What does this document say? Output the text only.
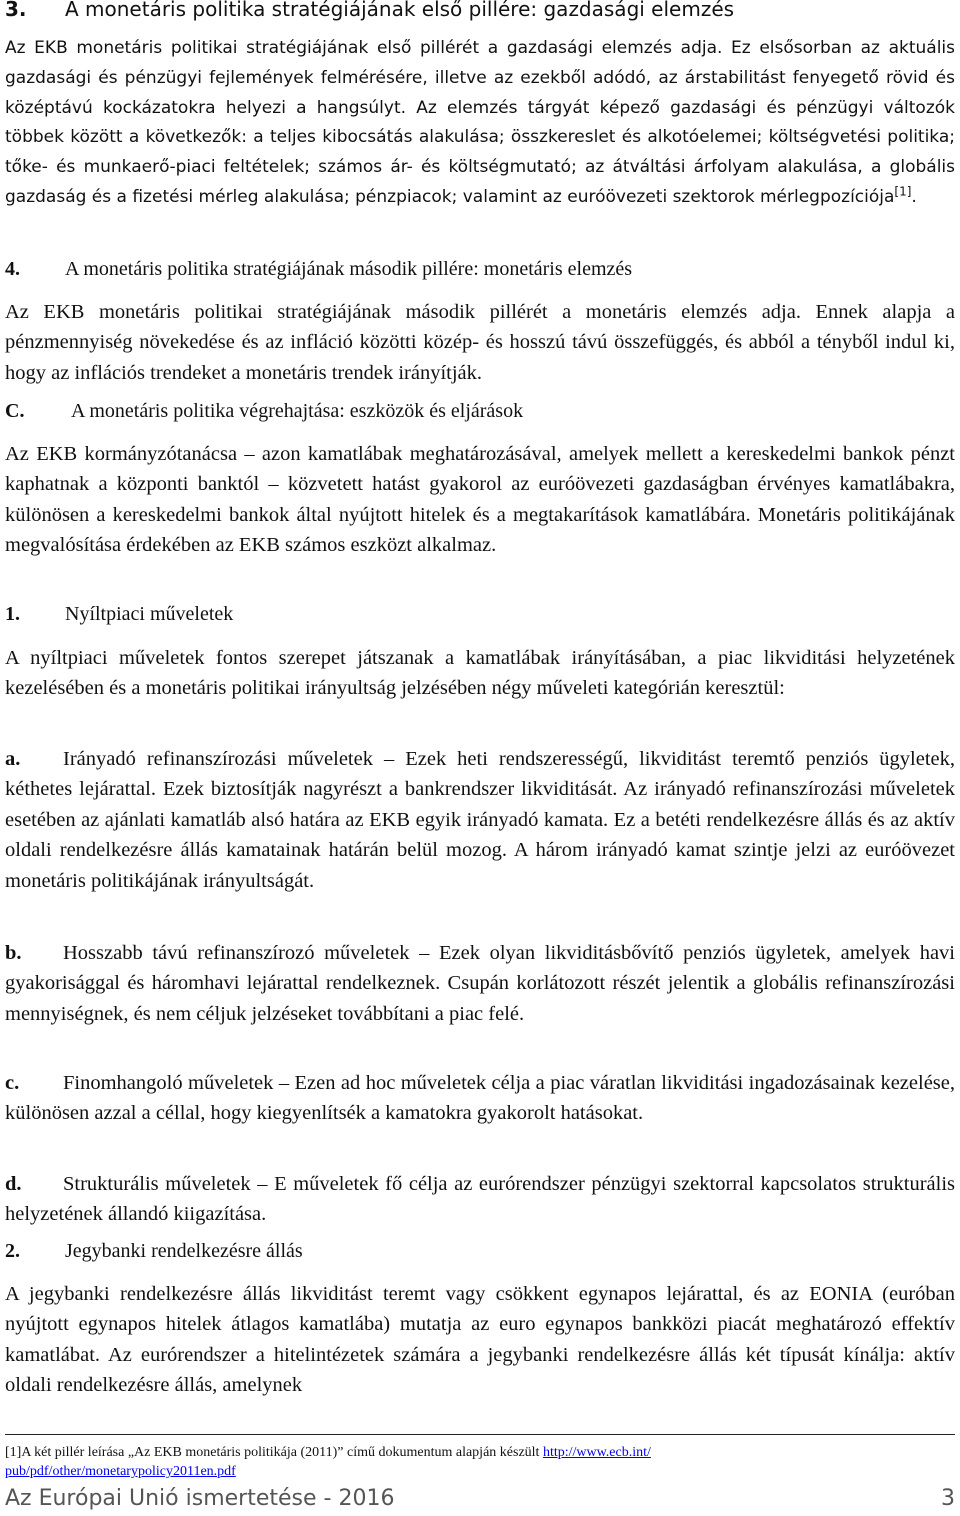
3. A monetáris politika stratégiájának első pillére: gazdasági elemzés
Az EKB monetáris politikai stratégiájának első pillérét a gazdasági elemzés adja. Ez elsősorban az aktuális gazdasági és pénzügyi fejlemények felmérésére, illetve az ezekből adódó, az árstabilitást fenyegető rövid és középtávú kockázatokra helyezi a hangsúlyt. Az elemzés tárgyát képező gazdasági és pénzügyi változók többek között a következők: a teljes kibocsátás alakulása; összkereslet és alkotóelemei; költségvetési politika; tőke- és munkaerő-piaci feltételek; számos ár- és költségmutató; az átváltási árfolyam alakulása, a globális gazdaság és a fizetési mérleg alakulása; pénzpiacok; valamint az euróövezeti szektorok mérlegpozíciója[1].
4. A monetáris politika stratégiájának második pillére: monetáris elemzés
Az EKB monetáris politikai stratégiájának második pillérét a monetáris elemzés adja. Ennek alapja a pénzmennyiség növekedése és az infláció közötti közép- és hosszú távú összefüggés, és abból a tényből indul ki, hogy az inflációs trendeket a monetáris trendek irányítják.
C. A monetáris politika végrehajtása: eszközök és eljárások
Az EKB kormányzótanácsa – azon kamatlábak meghatározásával, amelyek mellett a kereskedelmi bankok pénzt kaphatnak a központi banktól – közvetett hatást gyakorol az euróövezeti gazdaságban érvényes kamatlábakra, különösen a kereskedelmi bankok által nyújtott hitelek és a megtakarítások kamatlábára. Monetáris politikájának megvalósítása érdekében az EKB számos eszközt alkalmaz.
1. Nyíltpiaci műveletek
A nyíltpiaci műveletek fontos szerepet játszanak a kamatlábak irányításában, a piac likviditási helyzetének kezelésében és a monetáris politikai irányultság jelzésében négy műveleti kategórián keresztül:
a. Irányadó refinanszírozási műveletek – Ezek heti rendszerességű, likviditást teremtő penziós ügyletek, kéthetes lejárattal. Ezek biztosítják nagyrészt a bankrendszer likviditását. Az irányadó refinanszírozási műveletek esetében az ajánlati kamatláb alsó határa az EKB egyik irányadó kamata. Ez a betéti rendelkezésre állás és az aktív oldali rendelkezésre állás kamatainak határán belül mozog. A három irányadó kamat szintje jelzi az euróövezet monetáris politikájának irányultságát.
b. Hosszabb távú refinanszírozó műveletek – Ezek olyan likviditásbővítő penziós ügyletek, amelyek havi gyakorisággal és háromhavi lejárattal rendelkeznek. Csupán korlátozott részét jelentik a globális refinanszírozási mennyiségnek, és nem céljuk jelzéseket továbbítani a piac felé.
c. Finomhangoló műveletek – Ezen ad hoc műveletek célja a piac váratlan likviditási ingadozásainak kezelése, különösen azzal a céllal, hogy kiegyenlítsék a kamatokra gyakorolt hatásokat.
d. Strukturális műveletek – E műveletek fő célja az eurórendszer pénzügyi szektorral kapcsolatos strukturális helyzetének állandó kiigazítása.
2. Jegybanki rendelkezésre állás
A jegybanki rendelkezésre állás likviditást teremt vagy csökkent egynapos lejárattal, és az EONIA (euróban nyújtott egynapos hitelek átlagos kamatlába) mutatja az euro egynapos bankközi piacát meghatározó effektív kamatlábat. Az eurórendszer a hitelintézetek számára a jegybanki rendelkezésre állás két típusát kínálja: aktív oldali rendelkezésre állás, amelynek
[1]A két pillér leírása „Az EKB monetáris politikája (2011)” című dokumentum alapján készült http://www.ecb.int/
pub/pdf/other/monetarypolicy2011en.pdf
Az Európai Unió ismertetése - 2016	3
